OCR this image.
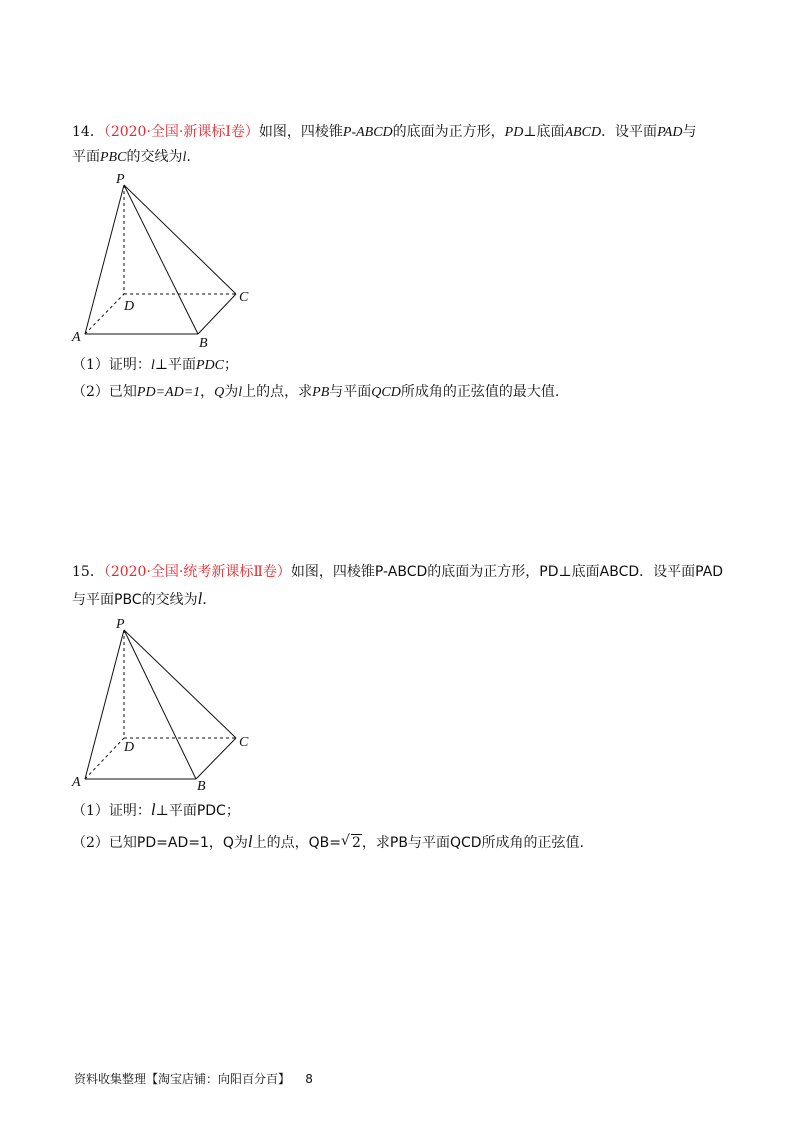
14．（2020·全国·新课标Ⅰ卷）如图，四棱锥P-ABCD的底面为正方形，PD⊥底面ABCD．设平面PAD与
平面PBC的交线为l.
P
D
C
A	B
（1）证明：l⊥平面PDC；
（2）已知PD=AD=1，Q为l上的点，求PB与平面QCD所成角的正弦值的最大值.
15．（2020·全国·统考新课标Ⅱ卷）如图，四棱锥P-ABCD的底面为正方形，PD⊥底面ABCD．设平面PAD
与平面PBC的交线为l．
P
D	C
A	B
（1）证明：l⊥平面PDC；
（2）已知PD=AD=1，Q为l上的点，QB= √ 2，求PB与平面QCD所成角的正弦值.
资料收集整理【淘宝店铺：向阳百分百】 8
